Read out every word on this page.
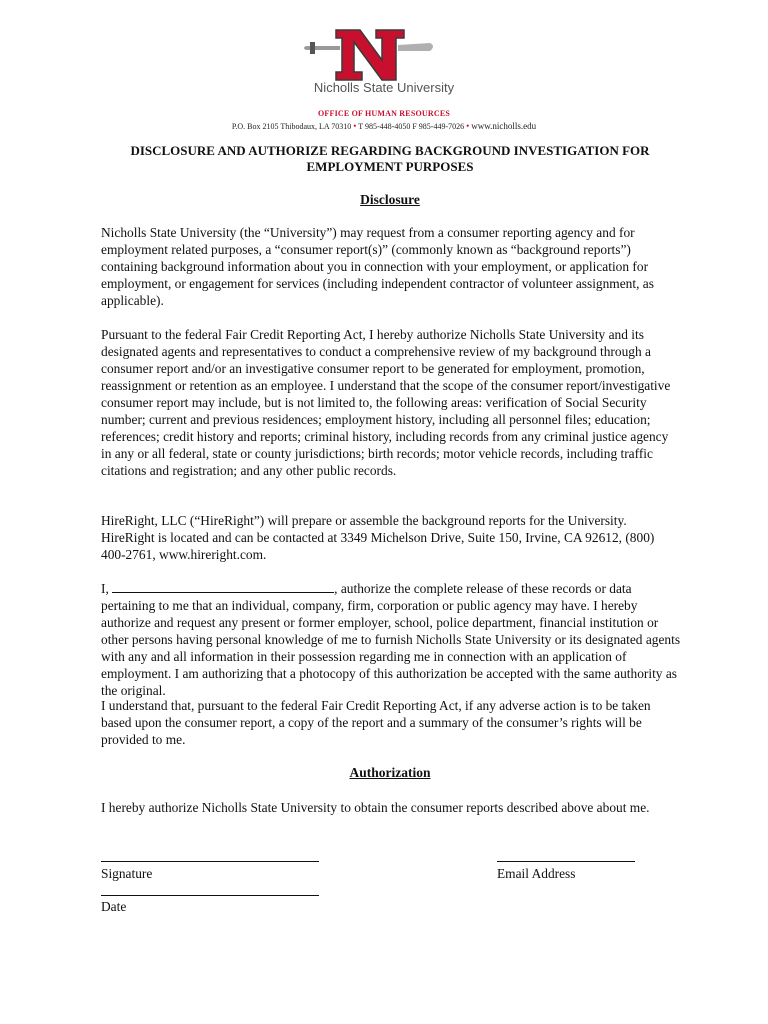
Nicholls State University
OFFICE OF HUMAN RESOURCES
P.O. Box 2105 Thibodaux, LA 70310 • T 985-448-4050 F 985-449-7026 • www.nicholls.edu
DISCLOSURE AND AUTHORIZE REGARDING BACKGROUND INVESTIGATION FOR EMPLOYMENT PURPOSES
Disclosure

Nicholls State University (the “University”) may request from a consumer reporting agency and for employment related purposes, a “consumer report(s)” (commonly known as “background reports”) containing background information about you in connection with your employment, or application for employment, or engagement for services (including independent contractor of volunteer assignment, as applicable).

Pursuant to the federal Fair Credit Reporting Act, I hereby authorize Nicholls State University and its designated agents and representatives to conduct a comprehensive review of my background through a consumer report and/or an investigative consumer report to be generated for employment, promotion, reassignment or retention as an employee. I understand that the scope of the consumer report/investigative consumer report may include, but is not limited to, the following areas: verification of Social Security number; current and previous residences; employment history, including all personnel files; education; references; credit history and reports; criminal history, including records from any criminal justice agency in any or all federal, state or county jurisdictions; birth records; motor vehicle records, including traffic citations and registration; and any other public records.

HireRight, LLC (“HireRight”) will prepare or assemble the background reports for the University. HireRight is located and can be contacted at 3349 Michelson Drive, Suite 150, Irvine, CA 92612, (800) 400-2761, www.hireright.com.

I,	, authorize the complete release of these records or data pertaining to me that an individual, company, firm, corporation or public agency may have. I hereby authorize and request any present or former employer, school, police department, financial institution or other persons having personal knowledge of me to furnish Nicholls State University or its designated agents with any and all information in their possession regarding me in connection with an application of employment. I am authorizing that a photocopy of this authorization be accepted with the same authority as the original.

I understand that, pursuant to the federal Fair Credit Reporting Act, if any adverse action is to be taken based upon the consumer report, a copy of the report and a summary of the consumer’s rights will be provided to me.

Authorization

I hereby authorize Nicholls State University to obtain the consumer reports described above about me.

Signature	Email Address
Date
